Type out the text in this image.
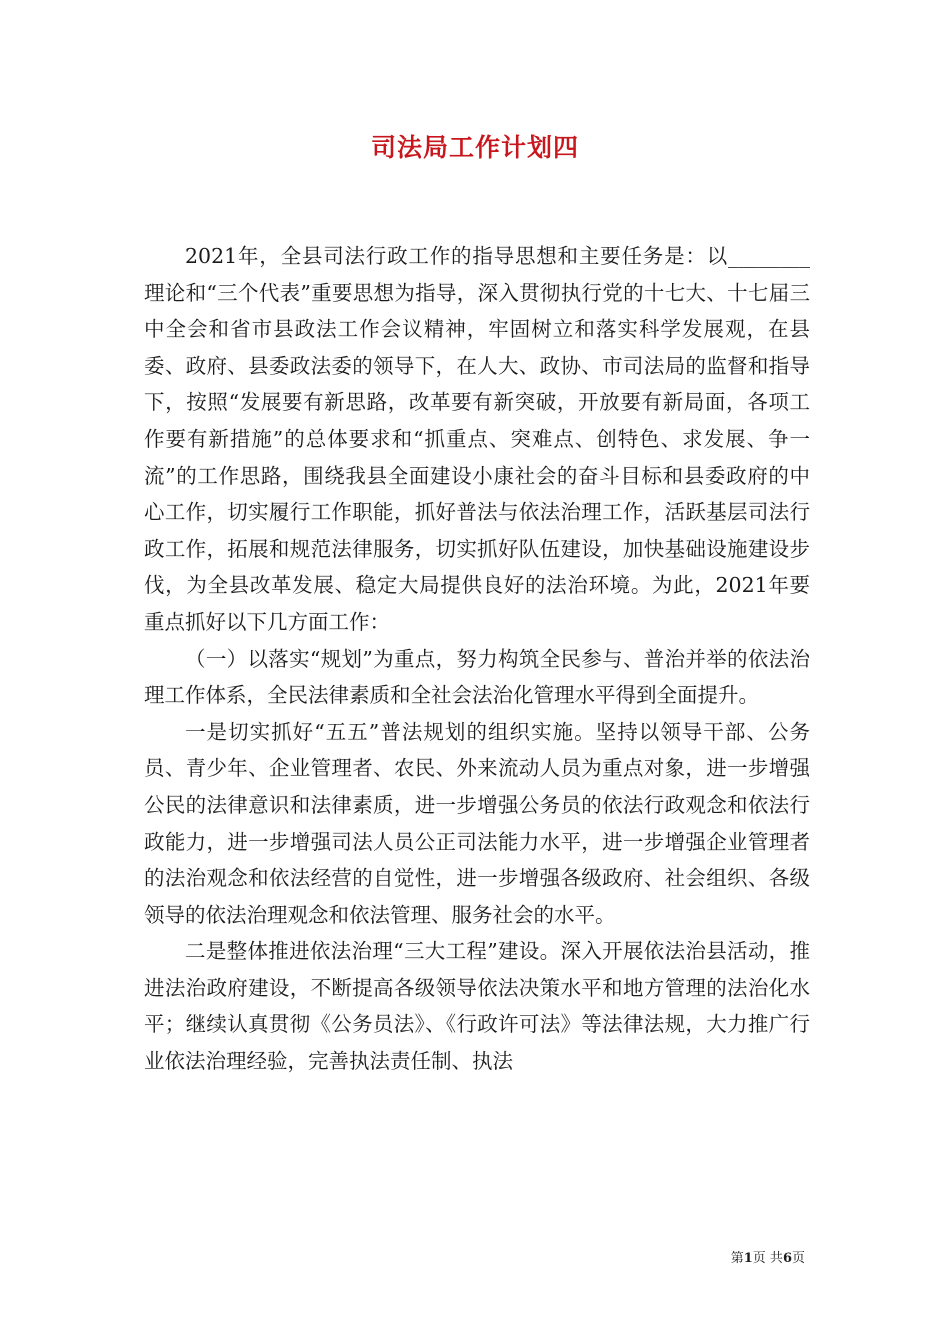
司法局工作计划四

2021年，全县司法行政工作的指导思想和主要任务是：以________理论和“三个代表”重要思想为指导，深入贯彻执行党的十七大、十七届三中全会和省市县政法工作会议精神，牢固树立和落实科学发展观，在县委、政府、县委政法委的领导下，在人大、政协、市司法局的监督和指导下，按照“发展要有新思路，改革要有新突破，开放要有新局面，各项工作要有新措施”的总体要求和“抓重点、突难点、创特色、求发展、争一流”的工作思路，围绕我县全面建设小康社会的奋斗目标和县委政府的中心工作，切实履行工作职能，抓好普法与依法治理工作，活跃基层司法行政工作，拓展和规范法律服务，切实抓好队伍建设，加快基础设施建设步伐，为全县改革发展、稳定大局提供良好的法治环境。为此，2021年要重点抓好以下几方面工作：

（一）以落实“规划”为重点，努力构筑全民参与、普治并举的依法治理工作体系，全民法律素质和全社会法治化管理水平得到全面提升。

一是切实抓好“五五”普法规划的组织实施。坚持以领导干部、公务员、青少年、企业管理者、农民、外来流动人员为重点对象，进一步增强公民的法律意识和法律素质，进一步增强公务员的依法行政观念和依法行政能力，进一步增强司法人员公正司法能力水平，进一步增强企业管理者的法治观念和依法经营的自觉性，进一步增强各级政府、社会组织、各级领导的依法治理观念和依法管理、服务社会的水平。

二是整体推进依法治理“三大工程”建设。深入开展依法治县活动，推进法治政府建设，不断提高各级领导依法决策水平和地方管理的法治化水平；继续认真贯彻《公务员法》、《行政许可法》等法律法规，大力推广行业依法治理经验，完善执法责任制、执法

第1页 共6页
